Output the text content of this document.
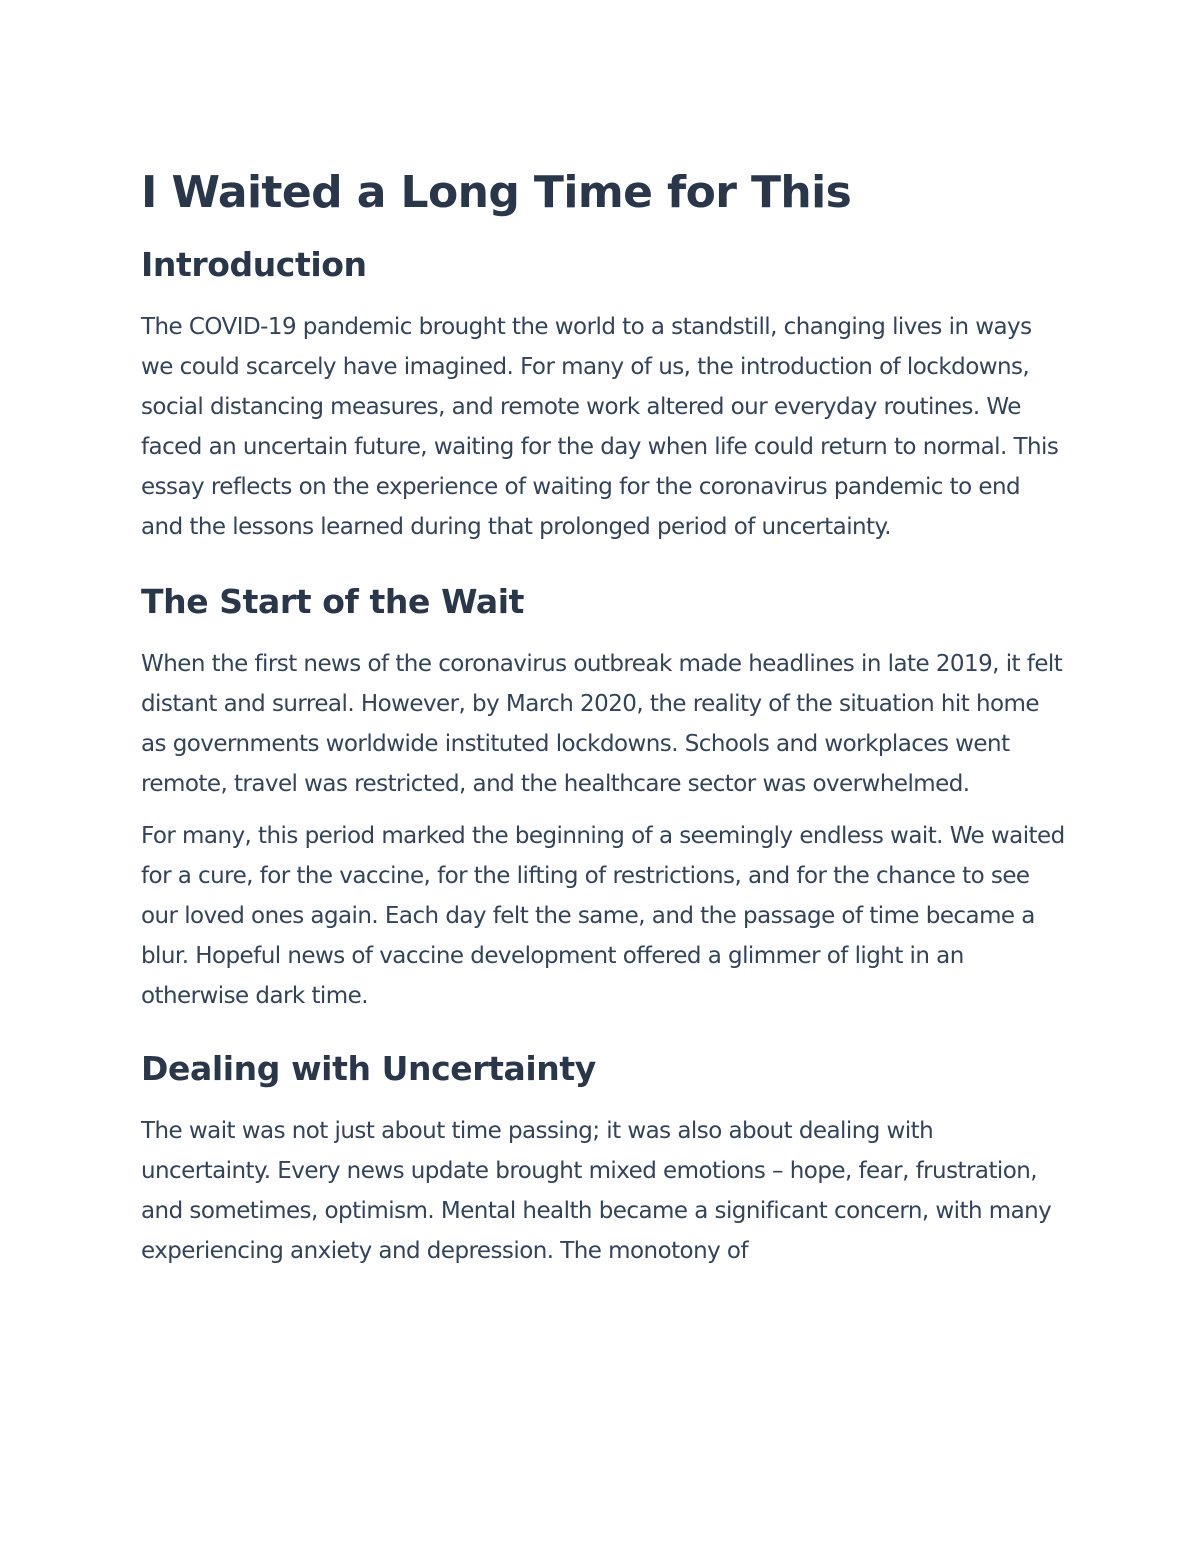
I Waited a Long Time for This
Introduction

The COVID-19 pandemic brought the world to a standstill, changing lives in ways we could scarcely have imagined. For many of us, the introduction of lockdowns, social distancing measures, and remote work altered our everyday routines. We faced an uncertain future, waiting for the day when life could return to normal. This essay reflects on the experience of waiting for the coronavirus pandemic to end and the lessons learned during that prolonged period of uncertainty.

The Start of the Wait

When the first news of the coronavirus outbreak made headlines in late 2019, it felt distant and surreal. However, by March 2020, the reality of the situation hit home as governments worldwide instituted lockdowns. Schools and workplaces went remote, travel was restricted, and the healthcare sector was overwhelmed.

For many, this period marked the beginning of a seemingly endless wait. We waited for a cure, for the vaccine, for the lifting of restrictions, and for the chance to see our loved ones again. Each day felt the same, and the passage of time became a blur. Hopeful news of vaccine development offered a glimmer of light in an otherwise dark time.

Dealing with Uncertainty

The wait was not just about time passing; it was also about dealing with uncertainty. Every news update brought mixed emotions – hope, fear, frustration, and sometimes, optimism. Mental health became a significant concern, with many experiencing anxiety and depression. The monotony of
